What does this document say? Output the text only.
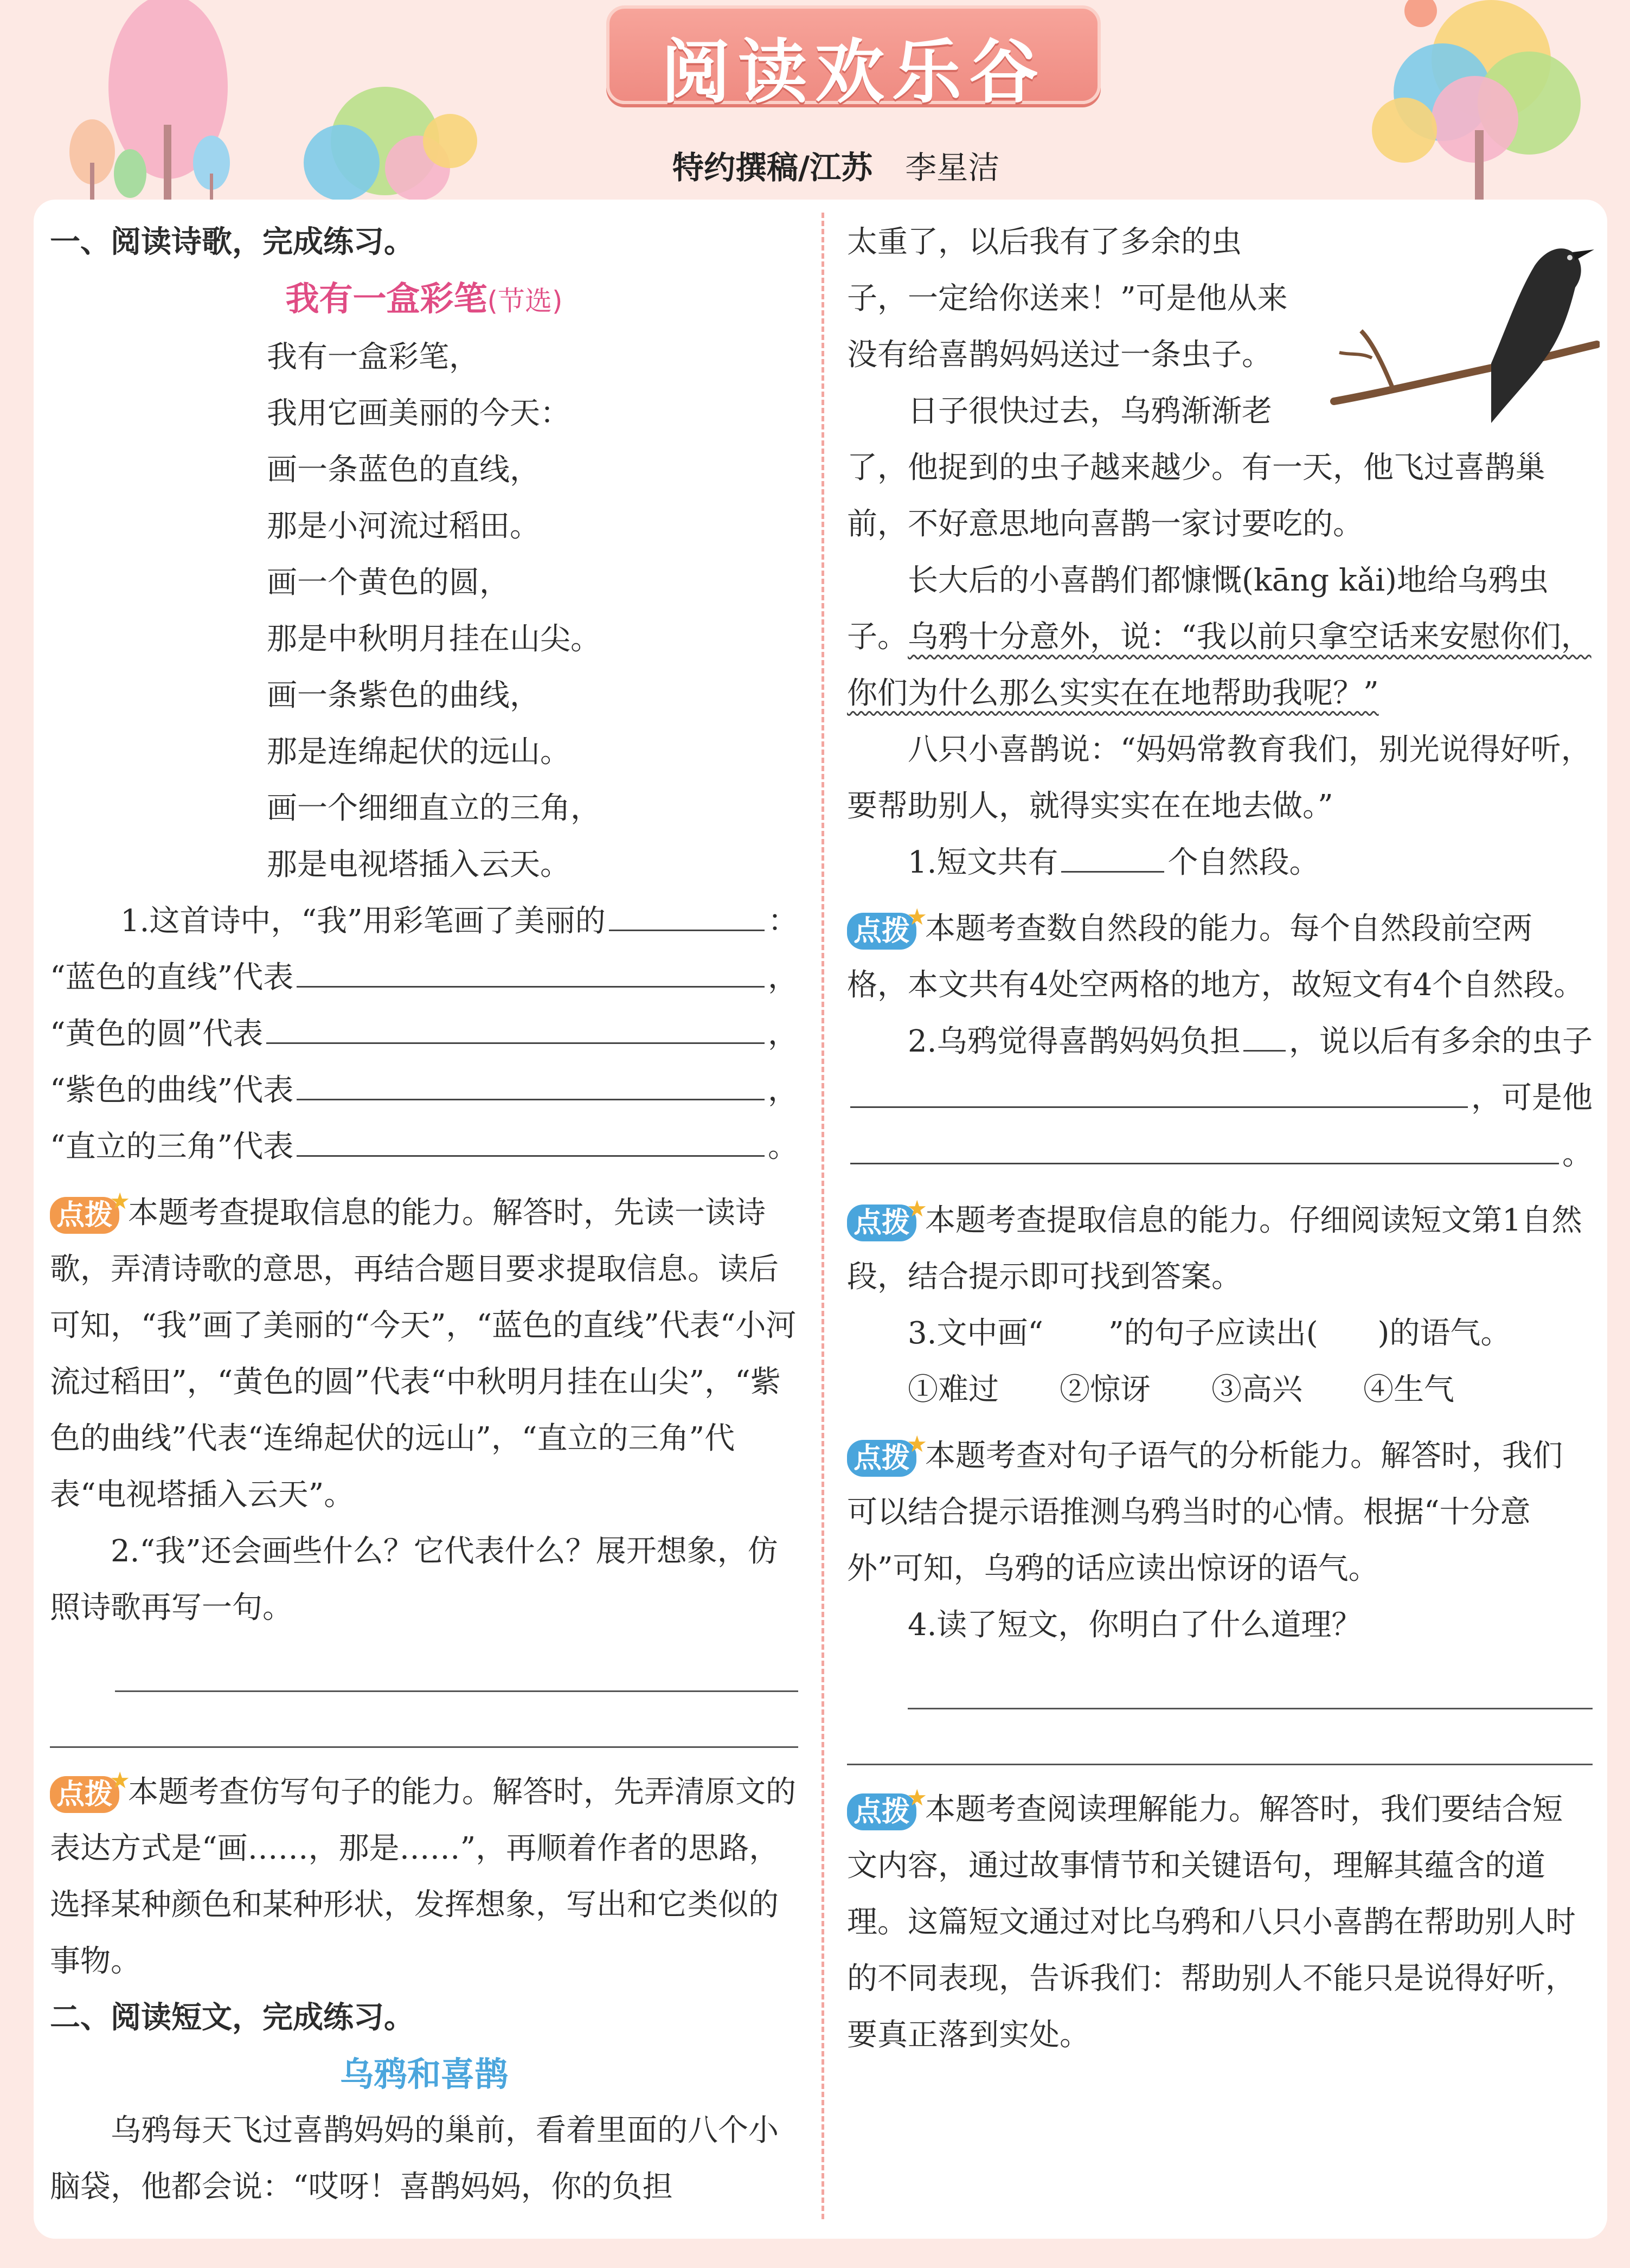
阅读欢乐谷
特约撰稿/江苏 李星洁

一、阅读诗歌，完成练习。

我有一盒彩笔(节选)

我有一盒彩笔，

我用它画美丽的今天：

画一条蓝色的直线，

那是小河流过稻田。

画一个黄色的圆，

那是中秋明月挂在山尖。

画一条紫色的曲线，

那是连绵起伏的远山。

画一个细细直立的三角，

那是电视塔插入云天。

1.这首诗中，“我”用彩笔画了美丽的	：
“蓝色的直线”代表	，
“黄色的圆”代表	，
“紫色的曲线”代表	，
“直立的三角”代表	。

点拨
★
本题考查提取信息的能力。解答时，先读一读诗歌，弄清诗歌的意思，再结合题目要求提取信息。读后可知，“我”画了美丽的“今天”，“蓝色的直线”代表“小河流过稻田”，“黄色的圆”代表“中秋明月挂在山尖”，“紫色的曲线”代表“连绵起伏的远山”，“直立的三角”代表“电视塔插入云天”。

2.“我”还会画些什么？它代表什么？展开想象，仿照诗歌再写一句。

点拨
★
本题考查仿写句子的能力。解答时，先弄清原文的表达方式是“画……，那是……”，再顺着作者的思路，选择某种颜色和某种形状，发挥想象，写出和它类似的事物。

二、阅读短文，完成练习。

乌鸦和喜鹊

乌鸦每天飞过喜鹊妈妈的巢前，看着里面的八个小脑袋，他都会说：“哎呀！喜鹊妈妈，你的负担

太重了，以后我有了多余的虫

子，一定给你送来！”可是他从来

没有给喜鹊妈妈送过一条虫子。

日子很快过去，乌鸦渐渐老

了，他捉到的虫子越来越少。有一天，他飞过喜鹊巢前，不好意思地向喜鹊一家讨要吃的。

长大后的小喜鹊们都慷慨(kāng kǎi)地给乌鸦虫子。乌鸦十分意外，说：“我以前只拿空话来安慰你们，你们为什么那么实实在在地帮助我呢？”

八只小喜鹊说：“妈妈常教育我们，别光说得好听，要帮助别人，就得实实在在地去做。”

1.短文共有	个自然段。

点拨
★
本题考查数自然段的能力。每个自然段前空两格，本文共有4处空两格的地方，故短文有4个自然段。

2.乌鸦觉得喜鹊妈妈负担 ，说以后有多余的虫子
，可是他
。

点拨
★
本题考查提取信息的能力。仔细阅读短文第1自然段，结合提示即可找到答案。

3.文中画“ ”的句子应读出( )的语气。

①难过 ②惊讶 ③高兴 ④生气

点拨
★
本题考查对句子语气的分析能力。解答时，我们可以结合提示语推测乌鸦当时的心情。根据“十分意外”可知，乌鸦的话应读出惊讶的语气。

4.读了短文，你明白了什么道理？

点拨
★
本题考查阅读理解能力。解答时，我们要结合短文内容，通过故事情节和关键语句，理解其蕴含的道理。这篇短文通过对比乌鸦和八只小喜鹊在帮助别人时的不同表现，告诉我们：帮助别人不能只是说得好听，要真正落到实处。
